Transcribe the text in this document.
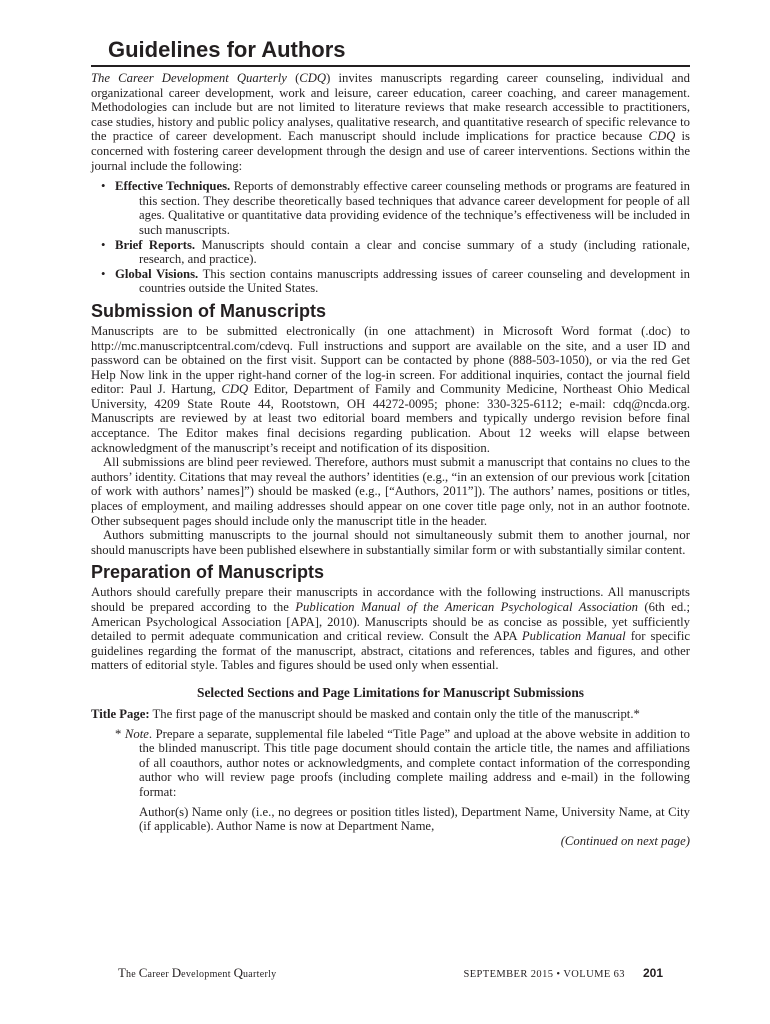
Guidelines for Authors

The Career Development Quarterly (CDQ) invites manuscripts regarding career counseling, individual and organizational career development, work and leisure, career education, career coaching, and career management. Methodologies can include but are not limited to literature reviews that make research accessible to practitioners, case studies, history and public policy analyses, qualitative research, and quantitative research of specific relevance to the practice of career development. Each manuscript should include implications for practice because CDQ is concerned with fostering career development through the design and use of career interventions. Sections within the journal include the following:

• Effective Techniques. Reports of demonstrably effective career counseling methods or programs are featured in this section. They describe theoretically based techniques that advance career development for people of all ages. Qualitative or quantitative data providing evidence of the technique’s effectiveness will be included in such manuscripts.
• Brief Reports. Manuscripts should contain a clear and concise summary of a study (including rationale, research, and practice).
• Global Visions. This section contains manuscripts addressing issues of career counseling and development in countries outside the United States.
Submission of Manuscripts

Manuscripts are to be submitted electronically (in one attachment) in Microsoft Word format (.doc) to http://mc.manuscriptcentral.com/cdevq. Full instructions and support are available on the site, and a user ID and password can be obtained on the first visit. Support can be contacted by phone (888-503-1050), or via the red Get Help Now link in the upper right-hand corner of the log-in screen. For additional inquiries, contact the journal field editor: Paul J. Hartung, CDQ Editor, Department of Family and Community Medicine, Northeast Ohio Medical University, 4209 State Route 44, Rootstown, OH 44272-0095; phone: 330-325-6112; e-mail: cdq@ncda.org. Manuscripts are reviewed by at least two editorial board members and typically undergo revision before final acceptance. The Editor makes final decisions regarding publication. About 12 weeks will elapse between acknowledgment of the manuscript’s receipt and notification of its disposition.

All submissions are blind peer reviewed. Therefore, authors must submit a manuscript that contains no clues to the authors’ identity. Citations that may reveal the authors’ identities (e.g., “in an extension of our previous work [citation of work with authors’ names]”) should be masked (e.g., [“Authors, 2011”]). The authors’ names, positions or titles, places of employment, and mailing addresses should appear on one cover title page only, not in an author footnote. Other subsequent pages should include only the manuscript title in the header.

Authors submitting manuscripts to the journal should not simultaneously submit them to another journal, nor should manuscripts have been published elsewhere in substantially similar form or with substantially similar content.

Preparation of Manuscripts

Authors should carefully prepare their manuscripts in accordance with the following instructions. All manuscripts should be prepared according to the Publication Manual of the American Psychological Association (6th ed.; American Psychological Association [APA], 2010). Manuscripts should be as concise as possible, yet sufficiently detailed to permit adequate communication and critical review. Consult the APA Publication Manual for specific guidelines regarding the format of the manuscript, abstract, citations and references, tables and figures, and other matters of editorial style. Tables and figures should be used only when essential.

Selected Sections and Page Limitations for Manuscript Submissions

Title Page: The first page of the manuscript should be masked and contain only the title of the manuscript.*

* Note. Prepare a separate, supplemental file labeled “Title Page” and upload at the above website in addition to the blinded manuscript. This title page document should contain the article title, the names and affiliations of all coauthors, author notes or acknowledgments, and complete contact information of the corresponding author who will review page proofs (including complete mailing address and e-mail) in the following format:

Author(s) Name only (i.e., no degrees or position titles listed), Department Name, University Name, at City (if applicable). Author Name is now at Department Name,

(Continued on next page)

The Career Development Quarterly	SEPTEMBER 2015 • VOLUME 63 201
